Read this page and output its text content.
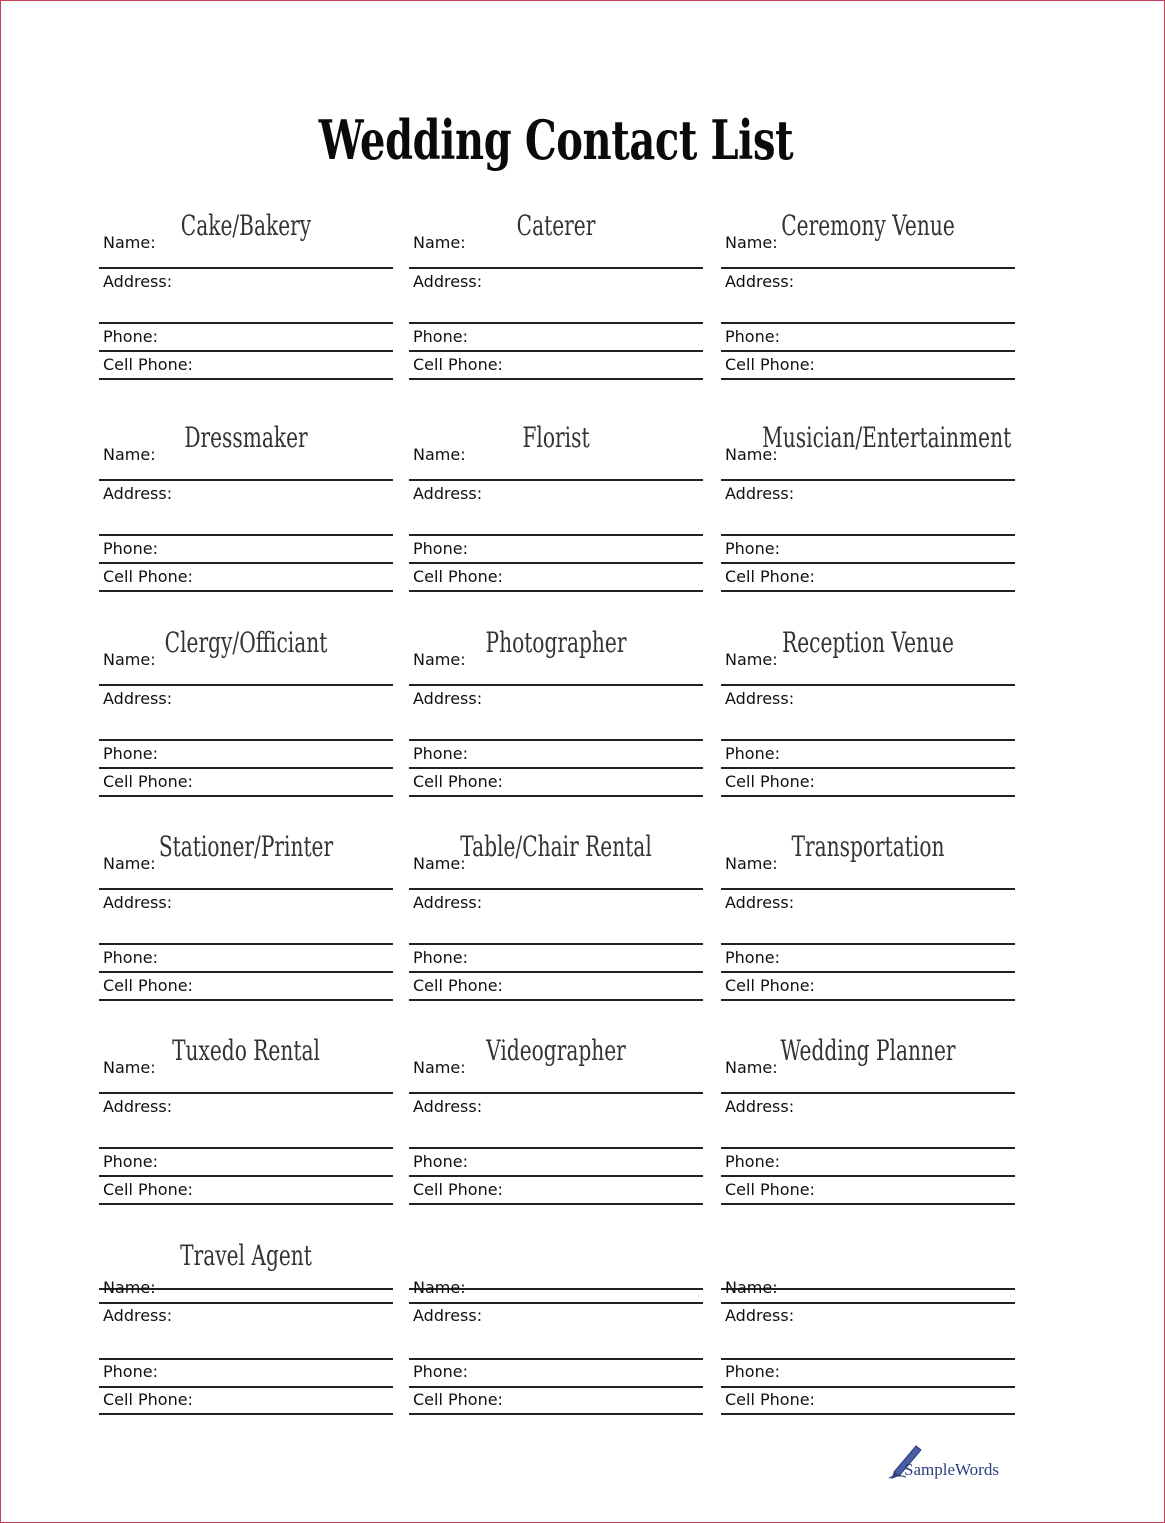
Wedding Contact List
Cake/Bakery
Name:
Address:
Phone:
Cell Phone:
Caterer
Name:
Address:
Phone:
Cell Phone:
Ceremony Venue
Name:
Address:
Phone:
Cell Phone:
Dressmaker
Name:
Address:
Phone:
Cell Phone:
Florist
Name:
Address:
Phone:
Cell Phone:
Musician/Entertainment
Name:
Address:
Phone:
Cell Phone:
Clergy/Officiant
Name:
Address:
Phone:
Cell Phone:
Photographer
Name:
Address:
Phone:
Cell Phone:
Reception Venue
Name:
Address:
Phone:
Cell Phone:
Stationer/Printer
Name:
Address:
Phone:
Cell Phone:
Table/Chair Rental
Name:
Address:
Phone:
Cell Phone:
Transportation
Name:
Address:
Phone:
Cell Phone:
Tuxedo Rental
Name:
Address:
Phone:
Cell Phone:
Videographer
Name:
Address:
Phone:
Cell Phone:
Wedding Planner
Name:
Address:
Phone:
Cell Phone:
Travel Agent
Name:
Address:
Phone:
Cell Phone:
Name:
Address:
Phone:
Cell Phone:
Name:
Address:
Phone:
Cell Phone:
SampleWords
